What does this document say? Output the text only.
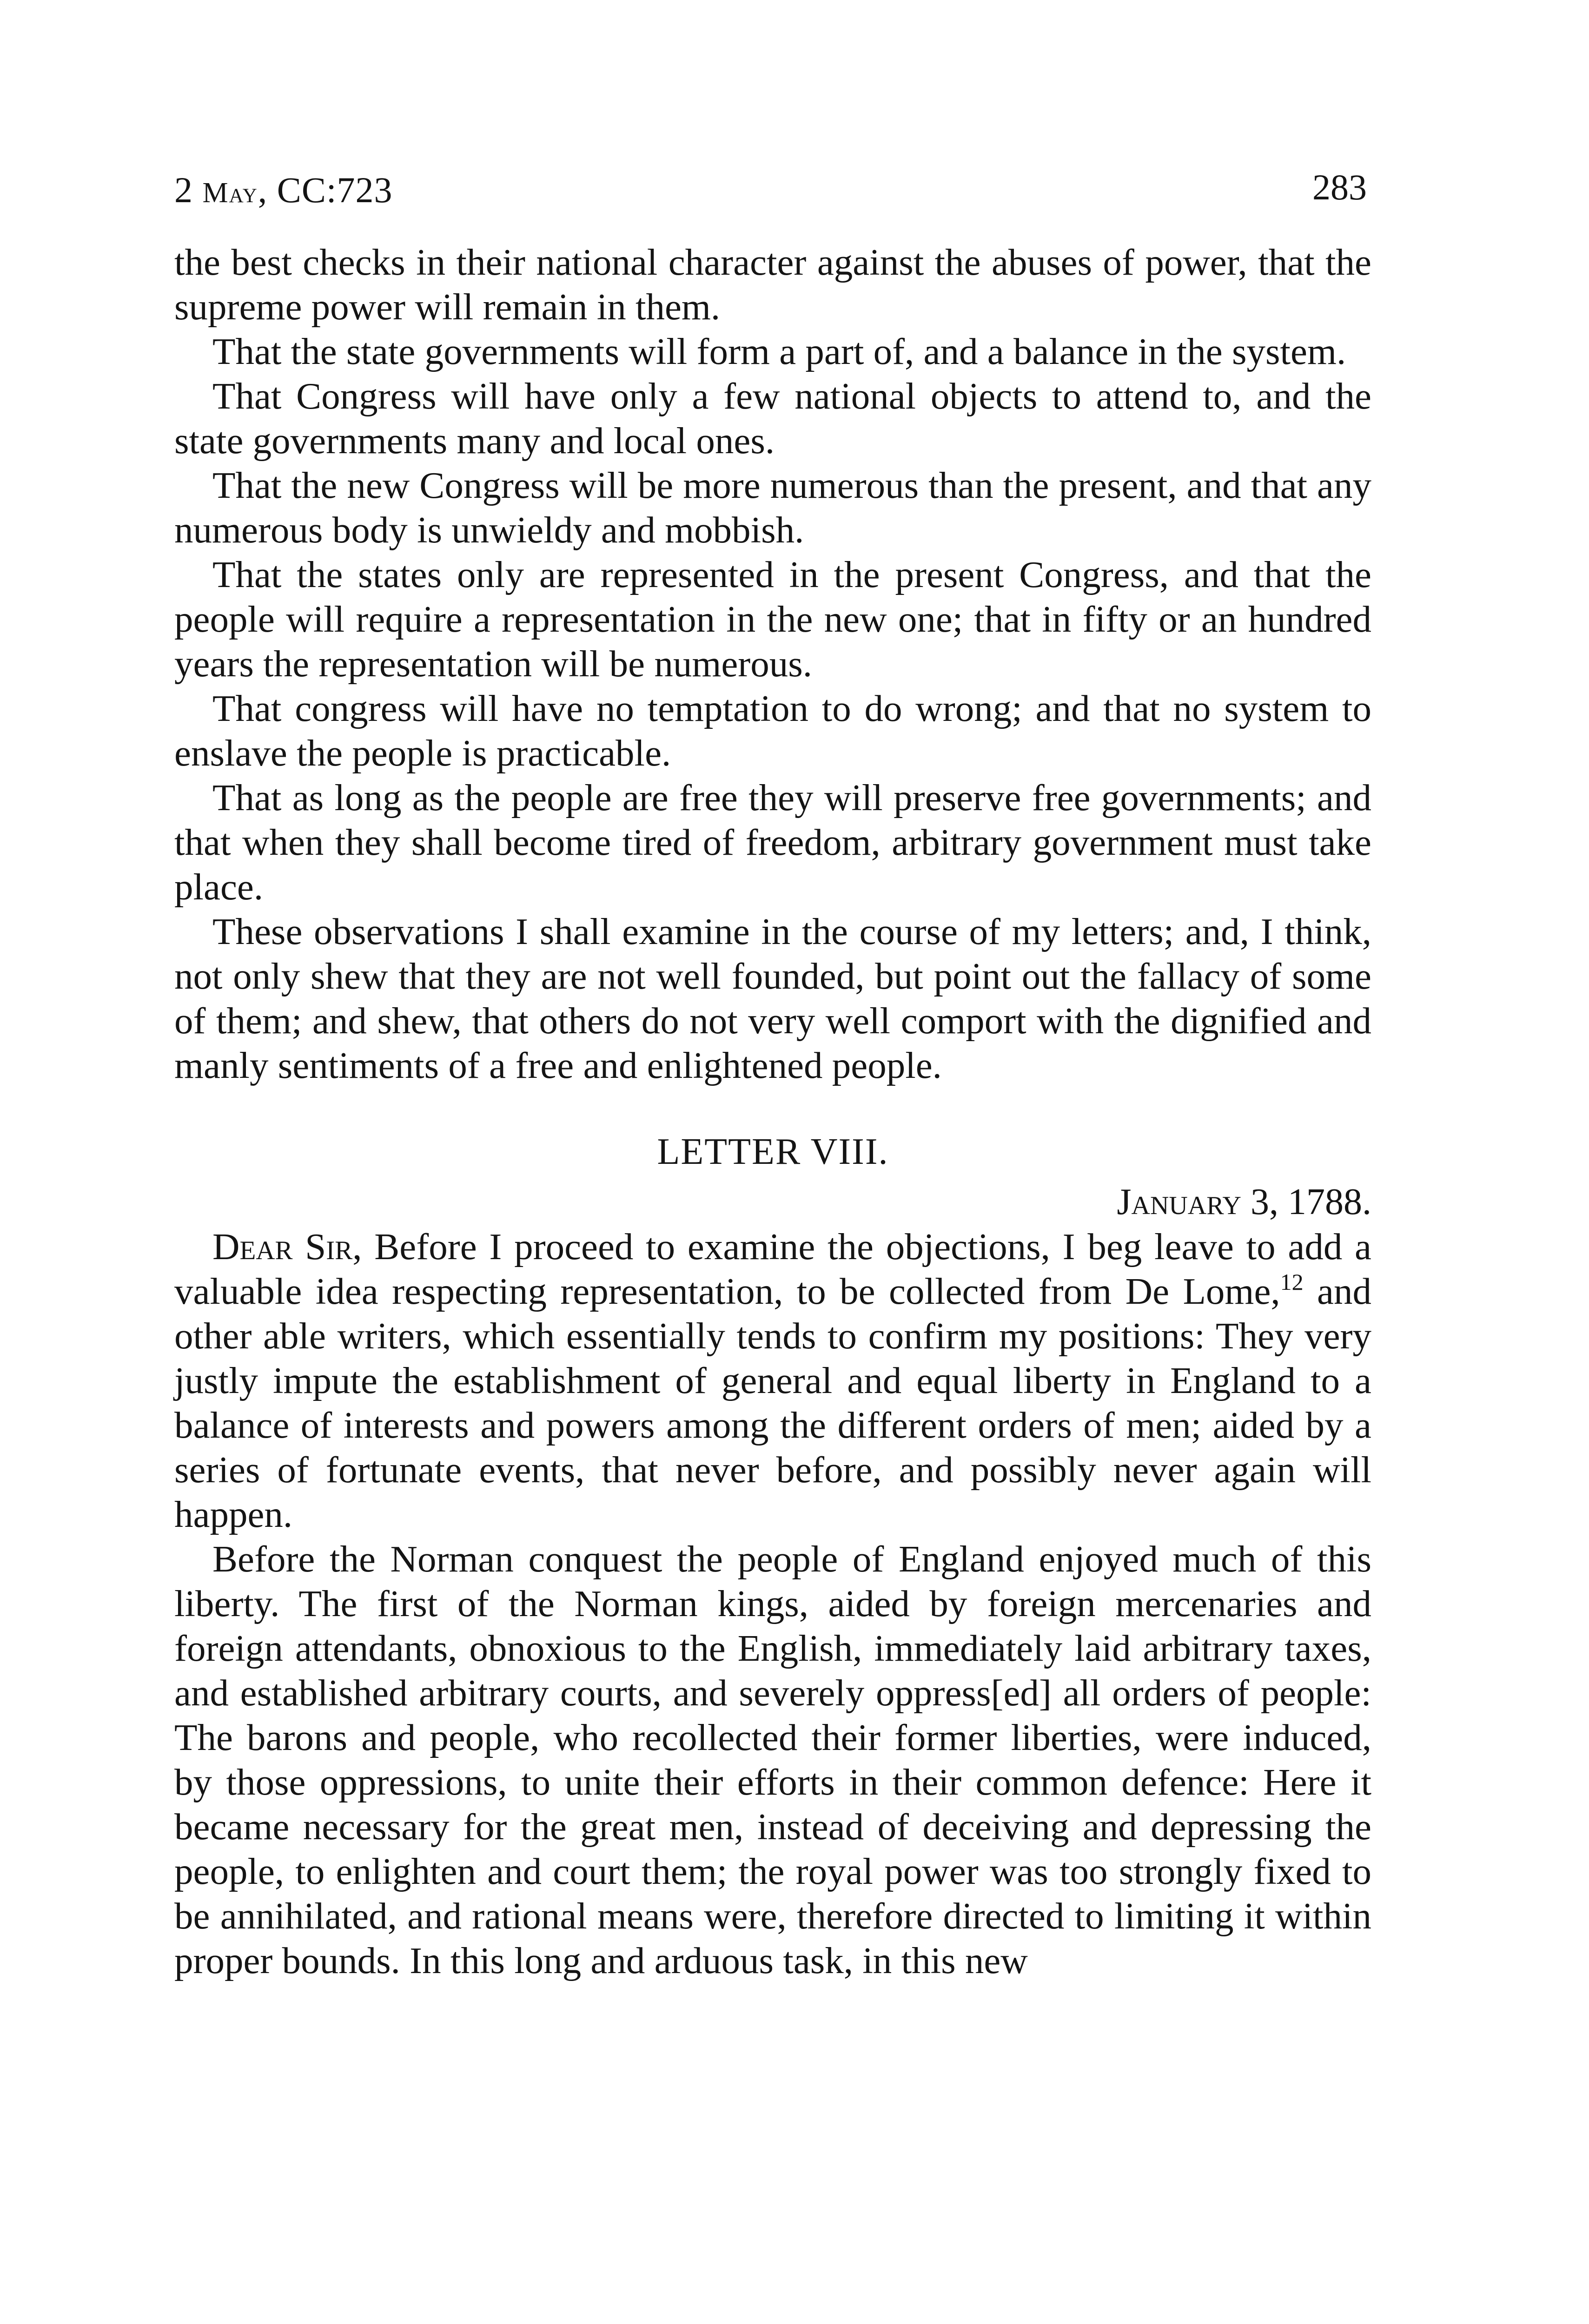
2 May, CC:723	283

the best checks in their national character against the abuses of power, that the supreme power will remain in them.

That the state governments will form a part of, and a balance in the system.

That Congress will have only a few national objects to attend to, and the state governments many and local ones.

That the new Congress will be more numerous than the present, and that any numerous body is unwieldy and mobbish.

That the states only are represented in the present Congress, and that the people will require a representation in the new one; that in fifty or an hundred years the representation will be numerous.

That congress will have no temptation to do wrong; and that no system to enslave the people is practicable.

That as long as the people are free they will preserve free governments; and that when they shall become tired of freedom, arbitrary government must take place.

These observations I shall examine in the course of my letters; and, I think, not only shew that they are not well founded, but point out the fallacy of some of them; and shew, that others do not very well comport with the dignified and manly sentiments of a free and enlightened people.

LETTER VIII.
January 3, 1788.

Dear Sir, Before I proceed to examine the objections, I beg leave to add a valuable idea respecting representation, to be collected from De Lome,$^{12}$ and other able writers, which essentially tends to confirm my positions: They very justly impute the establishment of general and equal liberty in England to a balance of interests and powers among the different orders of men; aided by a series of fortunate events, that never before, and possibly never again will happen.

Before the Norman conquest the people of England enjoyed much of this liberty. The first of the Norman kings, aided by foreign mercenaries and foreign attendants, obnoxious to the English, immediately laid arbitrary taxes, and established arbitrary courts, and severely oppress[ed] all orders of people: The barons and people, who recollected their former liberties, were induced, by those oppressions, to unite their efforts in their common defence: Here it became necessary for the great men, instead of deceiving and depressing the people, to enlighten and court them; the royal power was too strongly fixed to be annihilated, and rational means were, therefore directed to limiting it within proper bounds. In this long and arduous task, in this new
